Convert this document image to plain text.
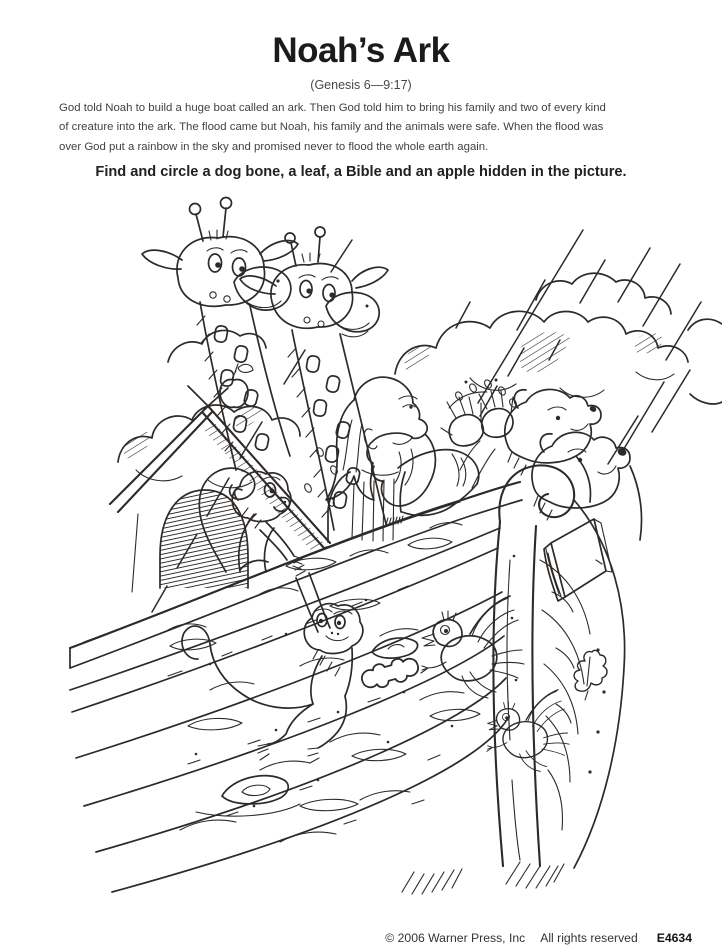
Noah’s Ark
(Genesis 6—9:17)
God told Noah to build a huge boat called an ark. Then God told him to bring his family and two of every kind
of creature into the ark. The flood came but Noah, his family and the animals were safe. When the flood was
over God put a rainbow in the sky and promised never to flood the whole earth again.
Find and circle a dog bone, a leaf, a Bible and an apple hidden in the picture.
© 2006 Warner Press, Inc All rights reserved E4634
